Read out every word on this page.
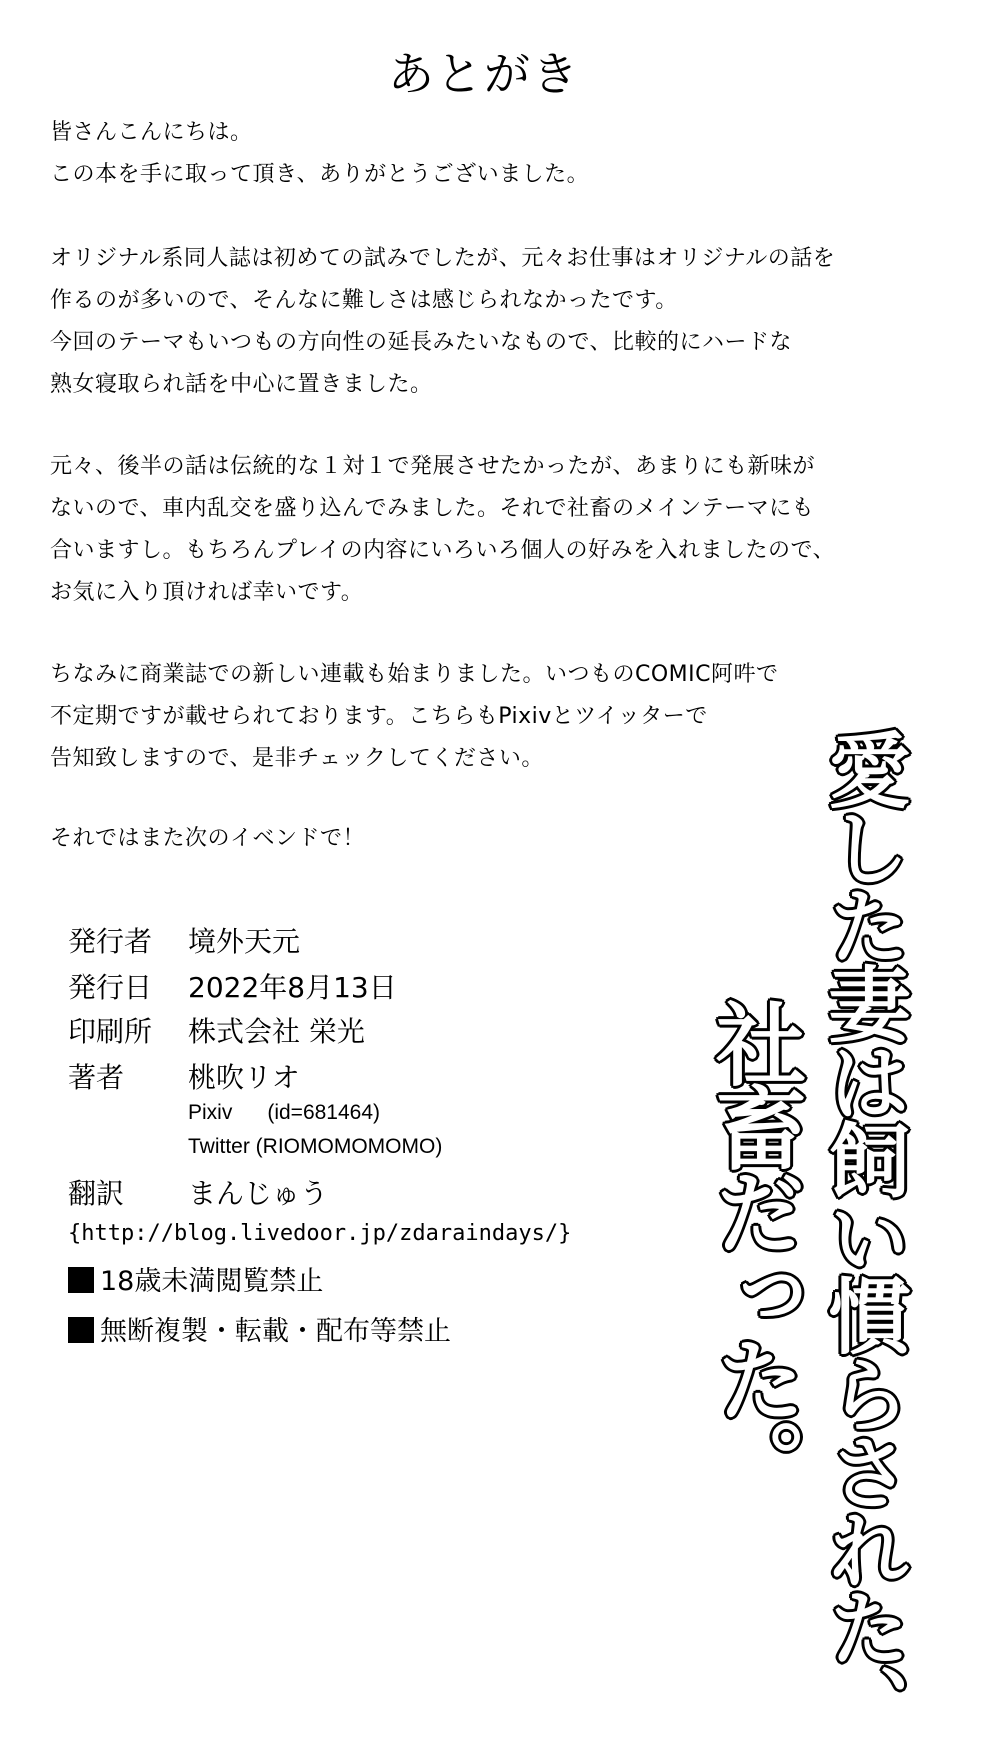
あとがき
皆さんこんにちは。
この本を手に取って頂き、ありがとうございました。
オリジナル系同人誌は初めての試みでしたが、元々お仕事はオリジナルの話を
作るのが多いので、そんなに難しさは感じられなかったです。
今回のテーマもいつもの方向性の延長みたいなもので、比較的にハードな
熟女寝取られ話を中心に置きました。
元々、後半の話は伝統的な１対１で発展させたかったが、あまりにも新味が
ないので、車内乱交を盛り込んでみました。それで社畜のメインテーマにも
合いますし。もちろんプレイの内容にいろいろ個人の好みを入れましたので、
お気に入り頂ければ幸いです。
ちなみに商業誌での新しい連載も始まりました。いつものCOMIC阿吽で
不定期ですが載せられております。こちらもPixivとツイッターで
告知致しますので、是非チェックしてください。
それではまた次のイベンドで！
発行者 境外天元
発行日 2022年8月13日
印刷所 株式会社 栄光
著者 桃吹リオ
Pixiv      (id=681464)
Twitter (RIOMOMOMOMO)
翻訳 まんじゅう
{http://blog.livedoor.jp/zdaraindays/}
18歳未満閲覧禁止
無断複製・転載・配布等禁止	愛した妻は飼い慣らされた、
社畜だった。
